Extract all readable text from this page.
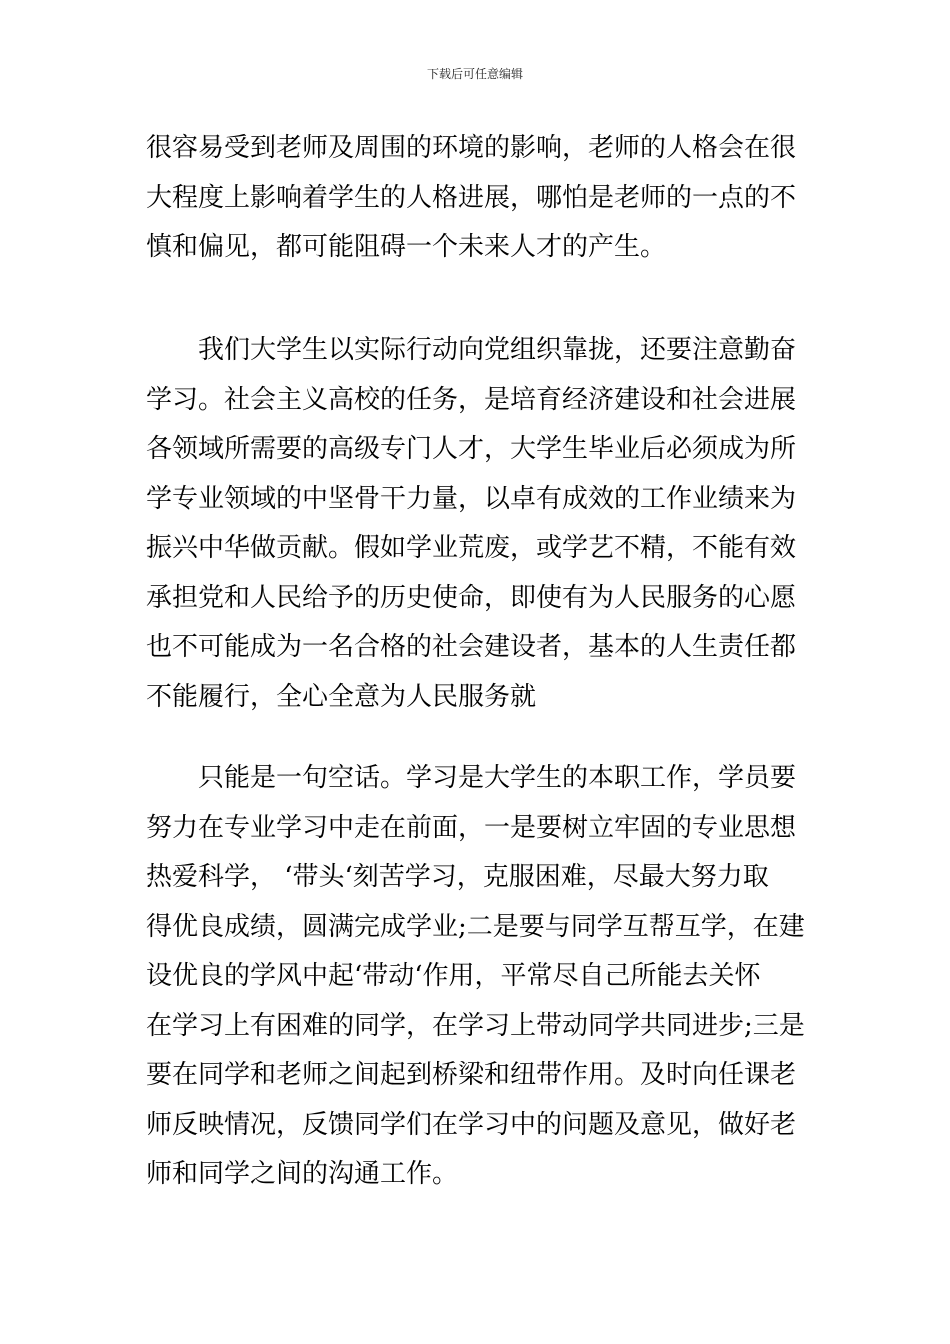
下载后可任意编辑
很容易受到老师及周围的环境的影响，老师的人格会在很
大程度上影响着学生的人格进展，哪怕是老师的一点的不
慎和偏见，都可能阻碍一个未来人才的产生。
我们大学生以实际行动向党组织靠拢，还要注意勤奋
学习。社会主义高校的任务，是培育经济建设和社会进展
各领域所需要的高级专门人才，大学生毕业后必须成为所
学专业领域的中坚骨干力量，以卓有成效的工作业绩来为
振兴中华做贡献。假如学业荒废，或学艺不精，不能有效
承担党和人民给予的历史使命，即使有为人民服务的心愿
也不可能成为一名合格的社会建设者，基本的人生责任都
不能履行，全心全意为人民服务就
只能是一句空话。学习是大学生的本职工作，学员要
努力在专业学习中走在前面，一是要树立牢固的专业思想
热爱科学， ‘带头‘刻苦学习，克服困难，尽最大努力取
得优良成绩，圆满完成学业;二是要与同学互帮互学，在建
设优良的学风中起‘带动‘作用，平常尽自己所能去关怀
在学习上有困难的同学，在学习上带动同学共同进步;三是
要在同学和老师之间起到桥梁和纽带作用。及时向任课老
师反映情况，反馈同学们在学习中的问题及意见，做好老
师和同学之间的沟通工作。
